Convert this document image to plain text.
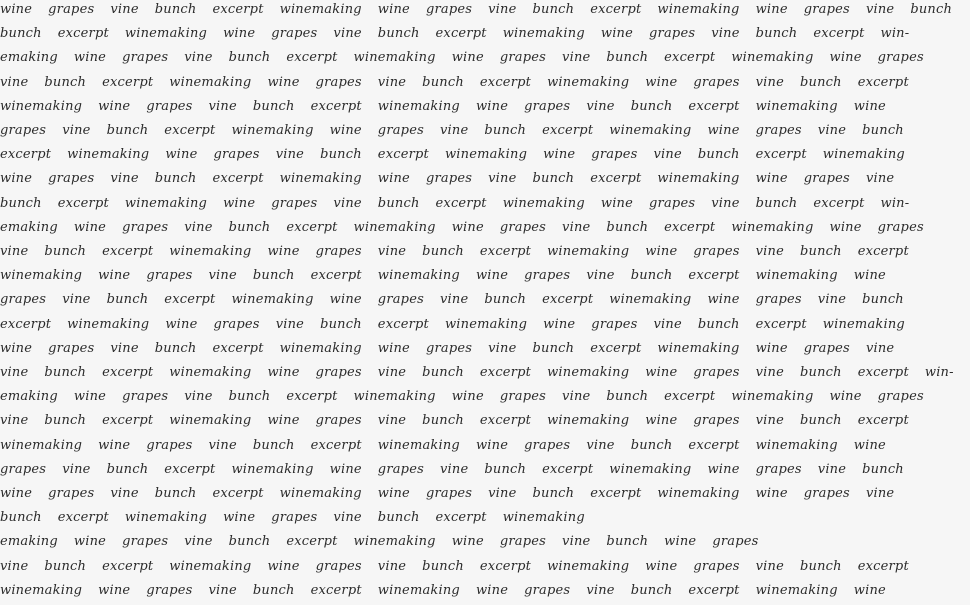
wine grapes vine bunch excerpt winemaking wine grapes vine bunch excerpt winemaking wine grapes vine bunch
bunch excerpt winemaking wine grapes vine bunch excerpt winemaking wine grapes vine bunch excerpt win-
emaking wine grapes vine bunch excerpt winemaking wine grapes vine bunch excerpt winemaking wine grapes
vine bunch excerpt winemaking wine grapes vine bunch excerpt winemaking wine grapes vine bunch excerpt
winemaking wine grapes vine bunch excerpt winemaking wine grapes vine bunch excerpt winemaking wine
grapes vine bunch excerpt winemaking wine grapes vine bunch excerpt winemaking wine grapes vine bunch
excerpt winemaking wine grapes vine bunch excerpt winemaking wine grapes vine bunch excerpt winemaking
wine grapes vine bunch excerpt winemaking wine grapes vine bunch excerpt winemaking wine grapes vine
bunch excerpt winemaking wine grapes vine bunch excerpt winemaking wine grapes vine bunch excerpt win-
emaking wine grapes vine bunch excerpt winemaking wine grapes vine bunch excerpt winemaking wine grapes
vine bunch excerpt winemaking wine grapes vine bunch excerpt winemaking wine grapes vine bunch excerpt
winemaking wine grapes vine bunch excerpt winemaking wine grapes vine bunch excerpt winemaking wine
grapes vine bunch excerpt winemaking wine grapes vine bunch excerpt winemaking wine grapes vine bunch
excerpt winemaking wine grapes vine bunch excerpt winemaking wine grapes vine bunch excerpt winemaking
wine grapes vine bunch excerpt winemaking wine grapes vine bunch excerpt winemaking wine grapes vine
vine bunch excerpt winemaking wine grapes vine bunch excerpt winemaking wine grapes vine bunch excerpt win-
emaking wine grapes vine bunch excerpt winemaking wine grapes vine bunch excerpt winemaking wine grapes
vine bunch excerpt winemaking wine grapes vine bunch excerpt winemaking wine grapes vine bunch excerpt
winemaking wine grapes vine bunch excerpt winemaking wine grapes vine bunch excerpt winemaking wine
grapes vine bunch excerpt winemaking wine grapes vine bunch excerpt winemaking wine grapes vine bunch
wine grapes vine bunch excerpt winemaking wine grapes vine bunch excerpt winemaking wine grapes vine
bunch excerpt winemaking wine grapes vine bunch excerpt winemaking
emaking wine grapes vine bunch excerpt winemaking wine grapes vine bunch wine grapes
vine bunch excerpt winemaking wine grapes vine bunch excerpt winemaking wine grapes vine bunch excerpt
winemaking wine grapes vine bunch excerpt winemaking wine grapes vine bunch excerpt winemaking wine
